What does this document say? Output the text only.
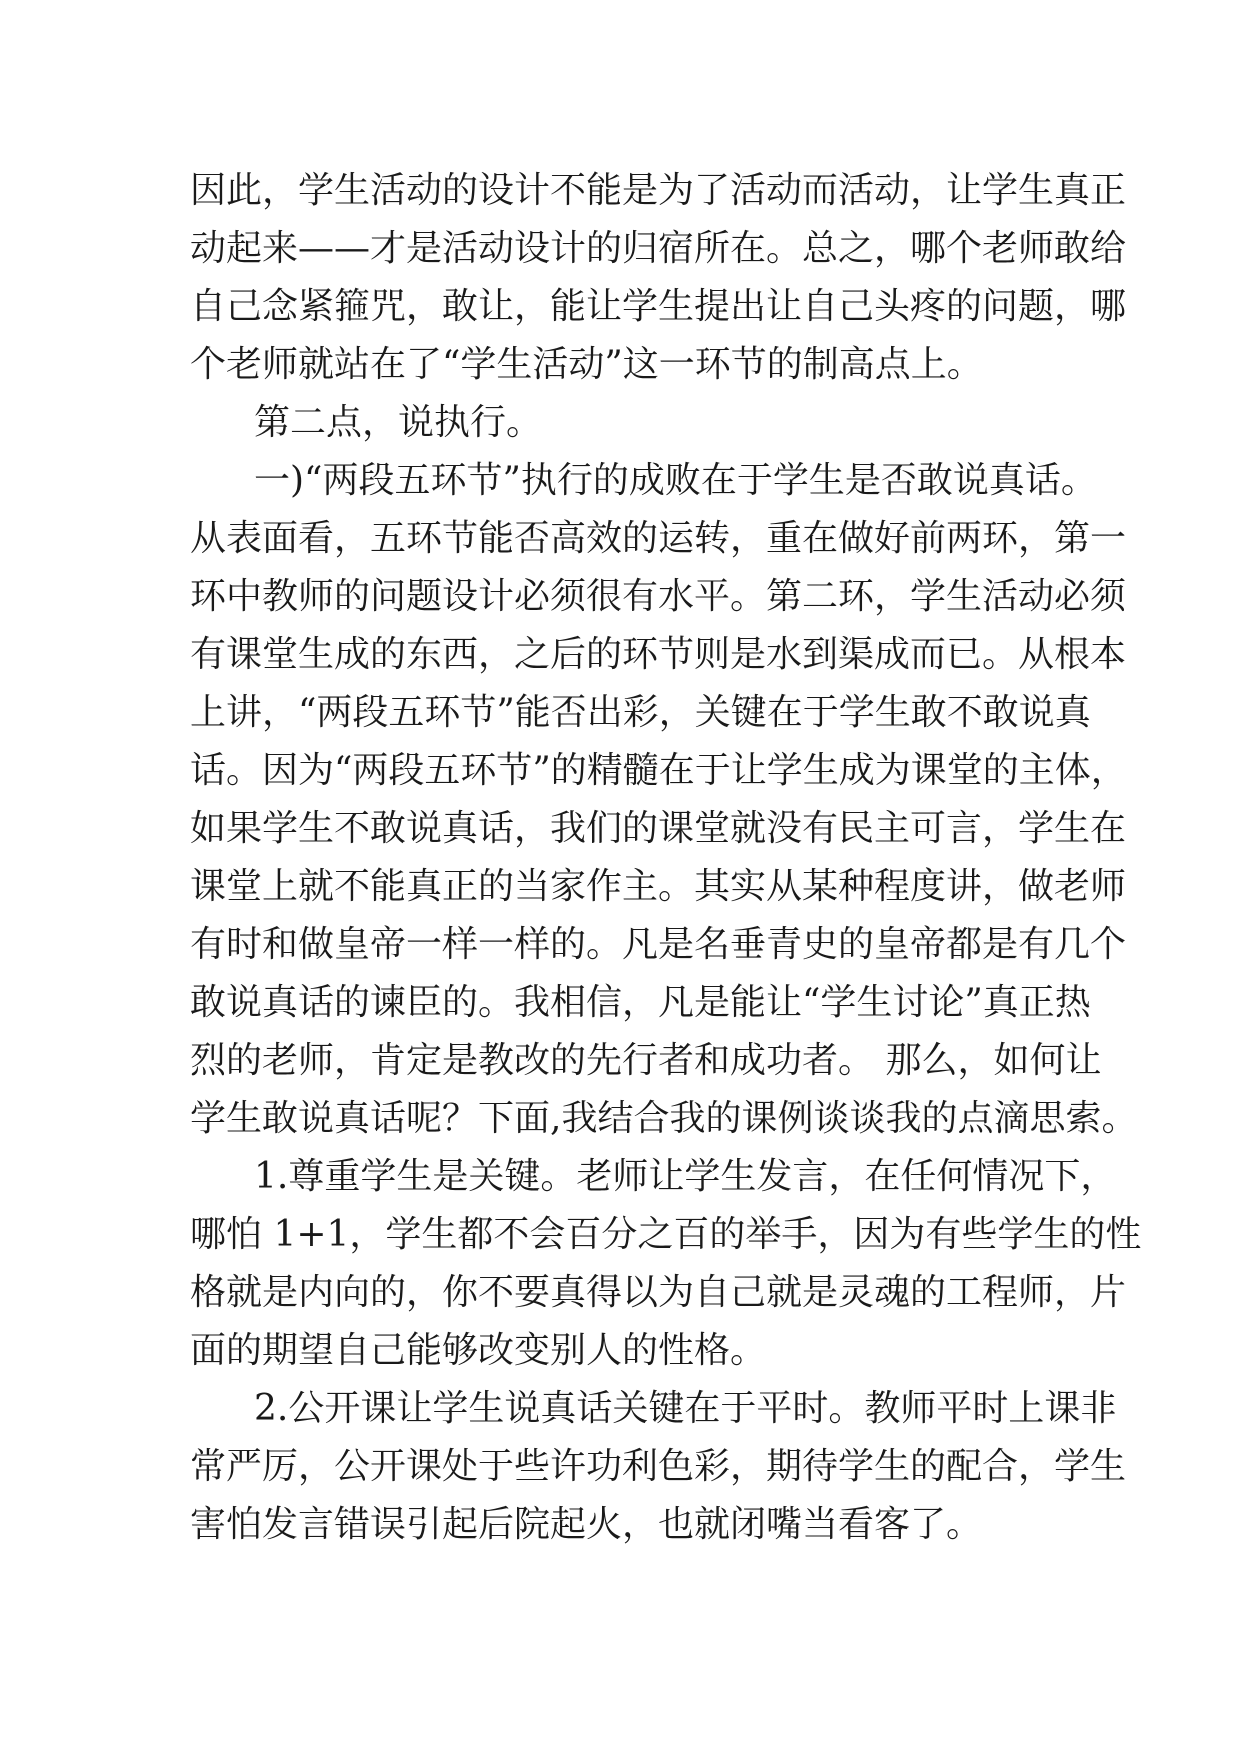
因此，学生活动的设计不能是为了活动而活动，让学生真正
动起来——才是活动设计的归宿所在。总之，哪个老师敢给
自己念紧箍咒，敢让，能让学生提出让自己头疼的问题，哪
个老师就站在了“学生活动”这一环节的制高点上。
第二点，说执行。
一)“两段五环节”执行的成败在于学生是否敢说真话。
从表面看，五环节能否高效的运转，重在做好前两环，第一
环中教师的问题设计必须很有水平。第二环，学生活动必须
有课堂生成的东西，之后的环节则是水到渠成而已。从根本
上讲，“两段五环节”能否出彩，关键在于学生敢不敢说真
话。因为“两段五环节”的精髓在于让学生成为课堂的主体，
如果学生不敢说真话，我们的课堂就没有民主可言，学生在
课堂上就不能真正的当家作主。其实从某种程度讲，做老师
有时和做皇帝一样一样的。凡是名垂青史的皇帝都是有几个
敢说真话的谏臣的。我相信，凡是能让“学生讨论”真正热
烈的老师，肯定是教改的先行者和成功者。 那么，如何让
学生敢说真话呢？下面,我结合我的课例谈谈我的点滴思索。
1.尊重学生是关键。老师让学生发言，在任何情况下，
哪怕 1+1，学生都不会百分之百的举手，因为有些学生的性
格就是内向的，你不要真得以为自己就是灵魂的工程师，片
面的期望自己能够改变别人的性格。
2.公开课让学生说真话关键在于平时。教师平时上课非
常严厉，公开课处于些许功利色彩，期待学生的配合，学生
害怕发言错误引起后院起火，也就闭嘴当看客了。
